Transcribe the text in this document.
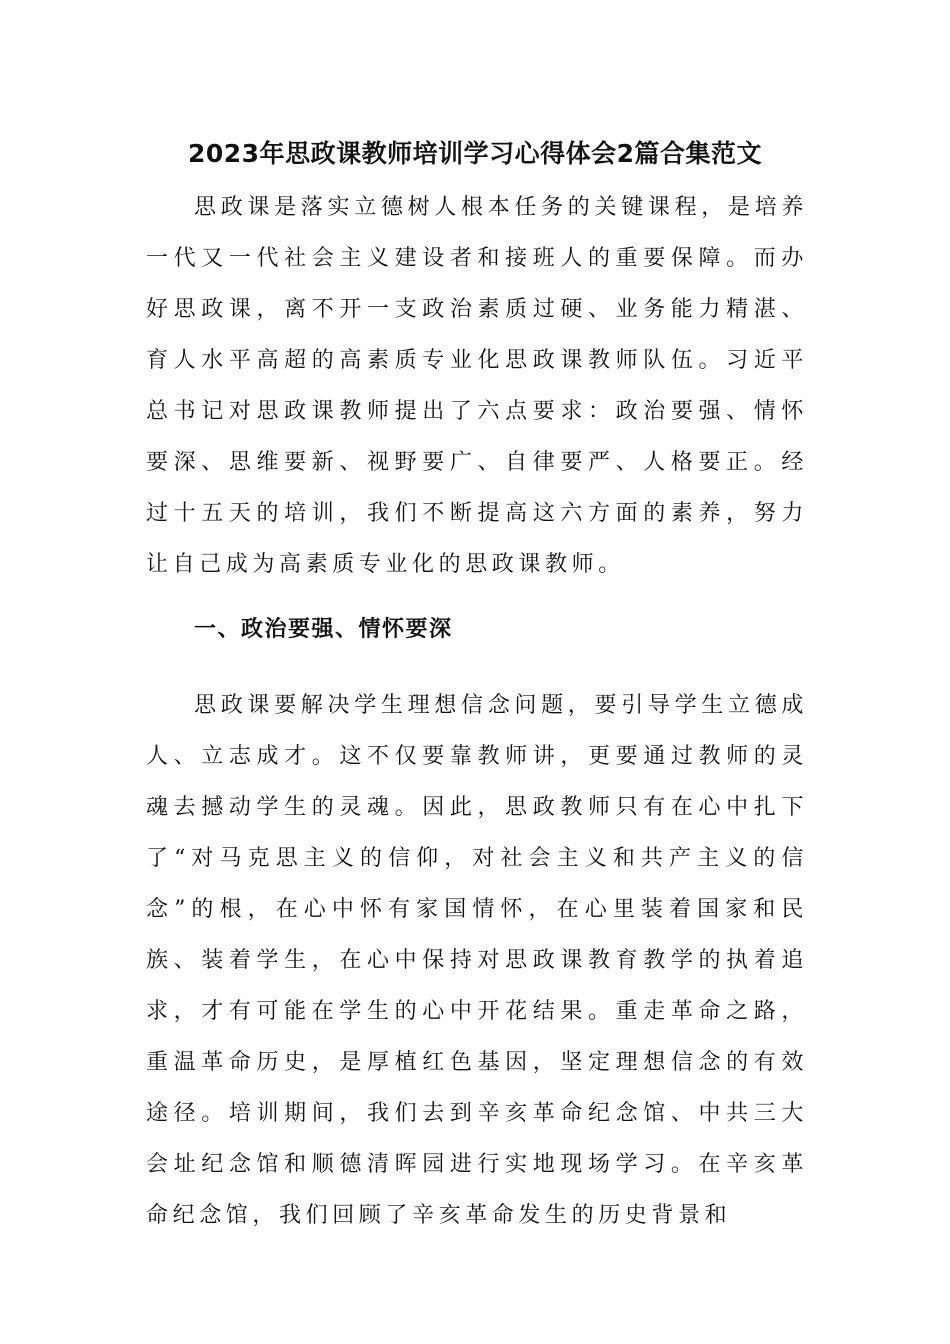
2023年思政课教师培训学习心得体会2篇合集范文

思政课是落实立德树人根本任务的关键课程，是培养一代又一代社会主义建设者和接班人的重要保障。而办好思政课，离不开一支政治素质过硬、业务能力精湛、育人水平高超的高素质专业化思政课教师队伍。习近平总书记对思政课教师提出了六点要求：政治要强、情怀要深、思维要新、视野要广、自律要严、人格要正。经过十五天的培训，我们不断提高这六方面的素养，努力让自己成为高素质专业化的思政课教师。

一、政治要强、情怀要深

思政课要解决学生理想信念问题，要引导学生立德成人、立志成才。这不仅要靠教师讲，更要通过教师的灵魂去撼动学生的灵魂。因此，思政教师只有在心中扎下了“对马克思主义的信仰，对社会主义和共产主义的信念”的根，在心中怀有家国情怀，在心里装着国家和民族、装着学生，在心中保持对思政课教育教学的执着追求，才有可能在学生的心中开花结果。重走革命之路，重温革命历史，是厚植红色基因，坚定理想信念的有效途径。培训期间，我们去到辛亥革命纪念馆、中共三大会址纪念馆和顺德清晖园进行实地现场学习。在辛亥革命纪念馆，我们回顾了辛亥革命发生的历史背景和
